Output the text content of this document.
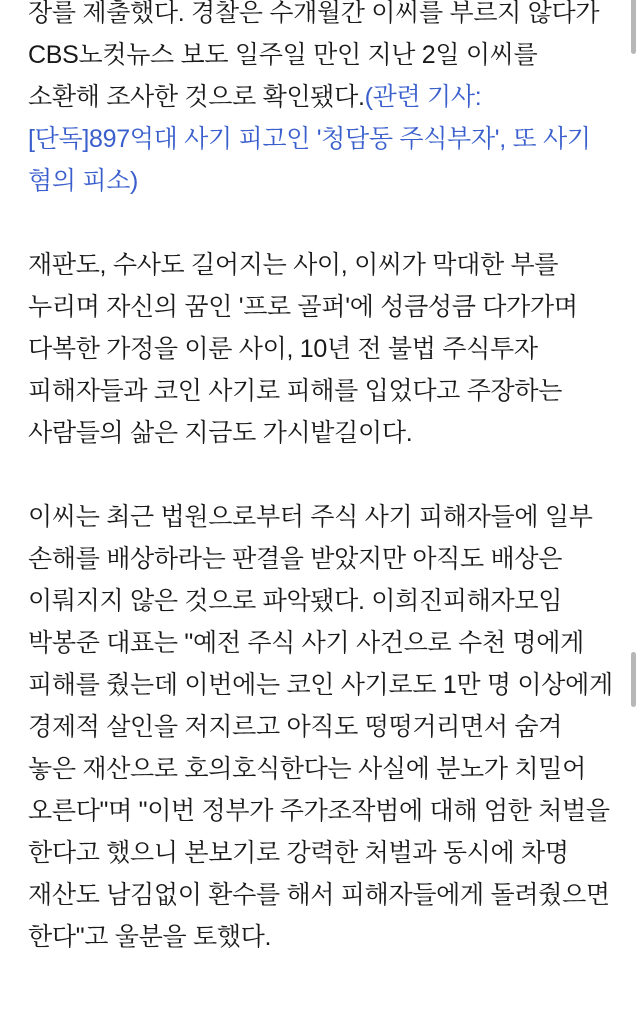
장를 제출했다. 경찰은 수개월간 이씨를 부르지 않다가 CBS노컷뉴스 보도 일주일 만인 지난 2일 이씨를 소환해 조사한 것으로 확인됐다.(관련 기사: [단독]897억대 사기 피고인 '청담동 주식부자', 또 사기 혐의 피소)

재판도, 수사도 길어지는 사이, 이씨가 막대한 부를 누리며 자신의 꿈인 '프로 골퍼'에 성큼성큼 다가가며 다복한 가정을 이룬 사이, 10년 전 불법 주식투자 피해자들과 코인 사기로 피해를 입었다고 주장하는 사람들의 삶은 지금도 가시밭길이다.

이씨는 최근 법원으로부터 주식 사기 피해자들에 일부 손해를 배상하라는 판결을 받았지만 아직도 배상은 이뤄지지 않은 것으로 파악됐다. 이희진피해자모임 박봉준 대표는 "예전 주식 사기 사건으로 수천 명에게 피해를 줬는데 이번에는 코인 사기로도 1만 명 이상에게 경제적 살인을 저지르고 아직도 떵떵거리면서 숨겨 놓은 재산으로 호의호식한다는 사실에 분노가 치밀어 오른다"며 "이번 정부가 주가조작범에 대해 엄한 처벌을 한다고 했으니 본보기로 강력한 처벌과 동시에 차명 재산도 남김없이 환수를 해서 피해자들에게 돌려줬으면 한다"고 울분을 토했다.
